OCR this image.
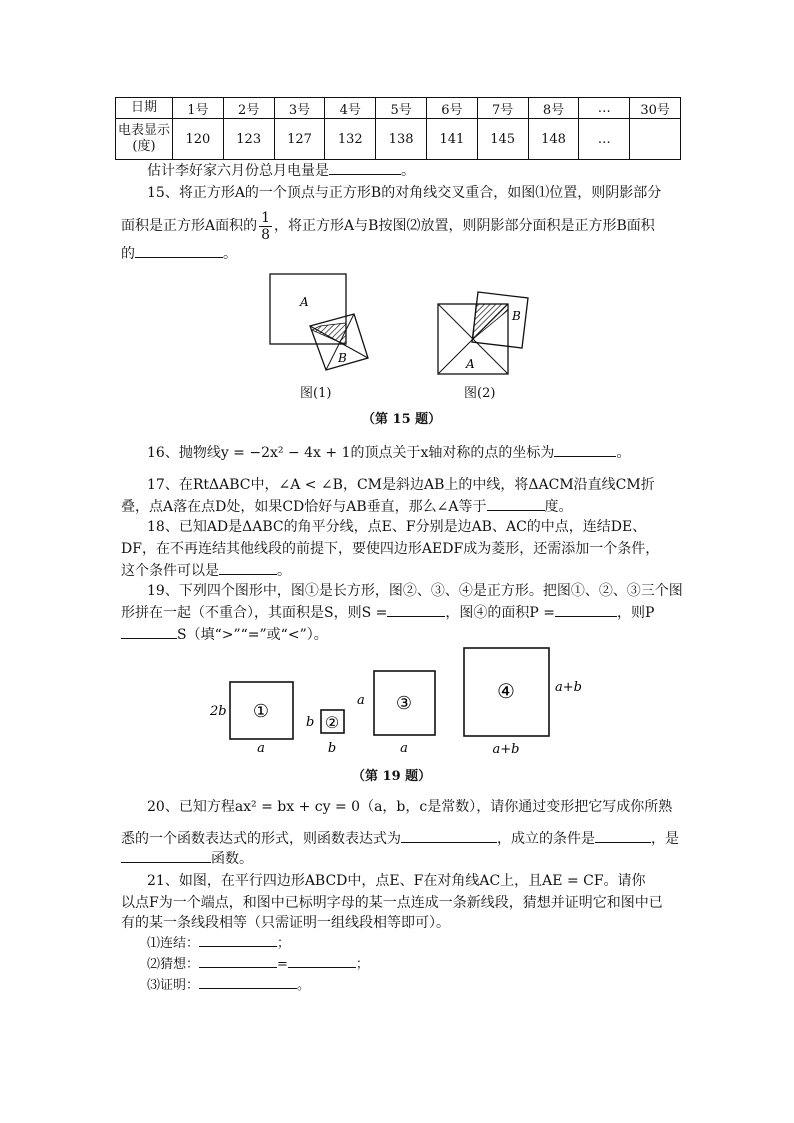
日期	1号	2号	3号	4号	5号	6号	7号	8号	…	30号
电表显示(度)	120	123	127	132	138	141	145	148	…	
估计李好家六月份总月电量是	。
15、将正方形A的一个顶点与正方形B的对角线交叉重合，如图⑴位置，则阴影部分
面积是正方形A面积的 $\frac{1}{8}$ ，将正方形A与B按图⑵放置，则阴影部分面积是正方形B面积
的	。
A
B
B
A
图(1)	图(2)
（第 15 题）
16、抛物线y = −2x² − 4x + 1的顶点关于x轴对称的点的坐标为	。
17、在RtΔABC中，∠A < ∠B，CM是斜边AB上的中线，将ΔACM沿直线CM折
叠，点A落在点D处，如果CD恰好与AB垂直，那么∠A等于	度。
18、已知AD是ΔABC的角平分线，点E、F分别是边AB、AC的中点，连结DE、
DF，在不再连结其他线段的前提下，要使四边形AEDF成为菱形，还需添加一个条件，
这个条件可以是	。
19、下列四个图形中，图①是长方形，图②、③、④是正方形。把图①、②、③三个图
形拼在一起（不重合），其面积是S，则S =	，图④的面积P =	，则P
S（填“>”“=”或“<”）。
①
2b
a
②
b
b
③
a
a
④	a+b
a+b
（第 19 题）
20、已知方程ax² = bx + cy = 0（a，b，c是常数），请你通过变形把它写成你所熟
悉的一个函数表达式的形式，则函数表达式为	，成立的条件是	，是
函数。
21、如图，在平行四边形ABCD中，点E、F在对角线AC上，且AE = CF。请你
以点F为一个端点，和图中已标明字母的某一点连成一条新线段，猜想并证明它和图中已
有的某一条线段相等（只需证明一组线段相等即可）。
⑴连结：	；
⑵猜想：	=	；
⑶证明：	。
